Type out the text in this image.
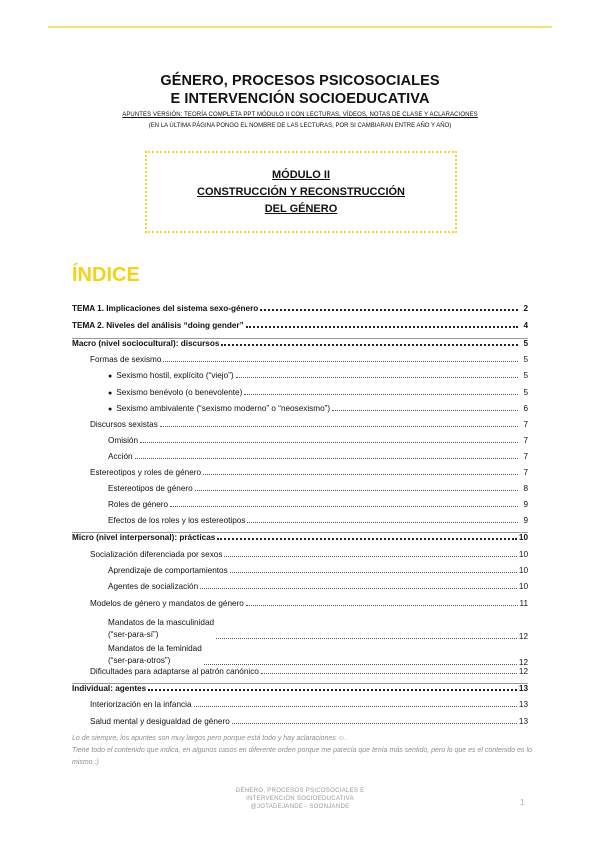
GÉNERO, PROCESOS PSICOSOCIALES
E INTERVENCIÓN SOCIOEDUCATIVA
APUNTES VERSIÓN: TEORÍA COMPLETA PPT MÓDULO II CON LECTURAS, VÍDEOS, NOTAS DE CLASE Y ACLARACIONES
(EN LA ÚLTIMA PÁGINA PONGO EL NOMBRE DE LAS LECTURAS, POR SI CAMBIARAN ENTRE AÑO Y AÑO)
MÓDULO II
CONSTRUCCIÓN Y RECONSTRUCCIÓN
DEL GÉNERO
ÍNDICE
TEMA 1. Implicaciones del sistema sexo-género	2
TEMA 2. Niveles del análisis “doing gender”	4
Macro (nivel sociocultural): discursos	5
Formas de sexismo	5
● Sexismo hostil, explícito (“viejo”)	5
● Sexismo benévolo (o benevolente)	5
● Sexismo ambivalente (“sexismo moderno” o “neosexismo”)	6
Discursos sexistas	7
Omisión	7
Acción	7
Estereotipos y roles de género	7
Estereotipos de género	8
Roles de género	9
Efectos de los roles y los estereotipos	9
Micro (nivel interpersonal): prácticas	10
Socialización diferenciada por sexos	10
Aprendizaje de comportamientos	10
Agentes de socialización	10
Modelos de género y mandatos de género	11
Mandatos de la masculinidad
(“ser-para-sí”)	12
Mandatos de la feminidad
(“ser-para-otros”)	12
Dificultades para adaptarse al patrón canónico	12
Individual: agentes	13
Interiorización en la infancia	13
Salud mental y desigualdad de género	13
Lo de siempre, los apuntes son muy largos pero porque está todo y hay aclaraciones ☺.
Tiene todo el contenido que indica, en algunos casos en diferente orden porque me parecía que tenía más sentido, pero lo que es el contenido es lo mismo :)
GÉNERO, PROCESOS PSICOSOCIALES E
INTERVENCIÓN SOCIOEDUCATIVA
@JOTADEJANDE - SOONJANDE	1
